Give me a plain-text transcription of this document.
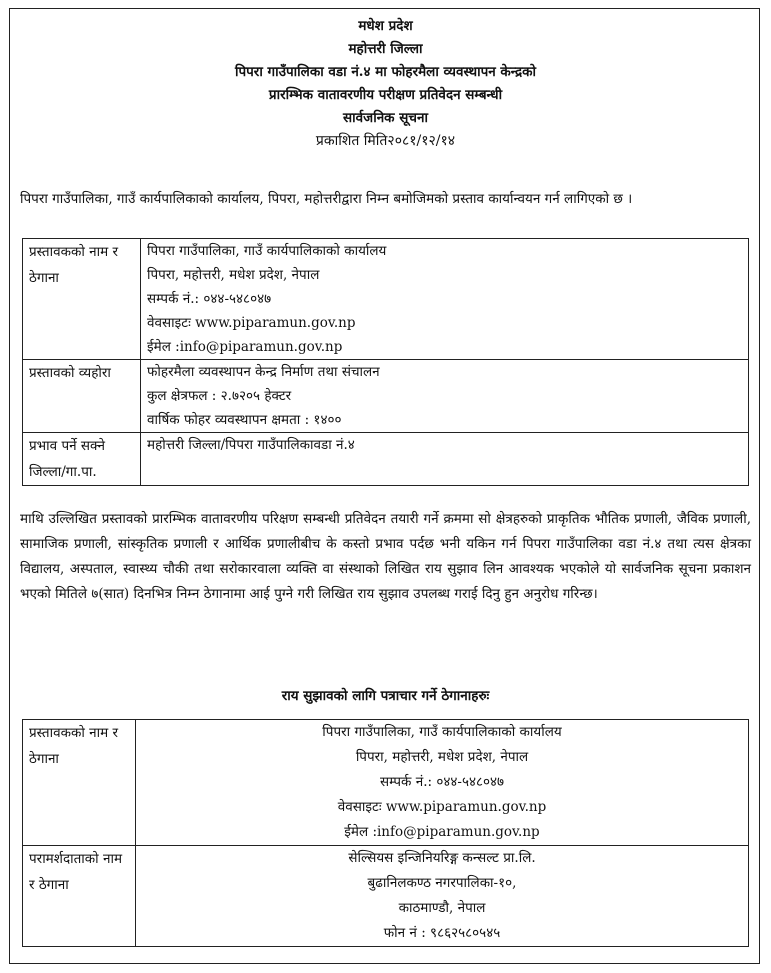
मधेश प्रदेश
महोत्तरी जिल्ला
पिपरा गाउँपालिका वडा नं.४ मा फोहरमैला व्यवस्थापन केन्द्रको
प्रारम्भिक वातावरणीय परीक्षण प्रतिवेदन सम्बन्धी
सार्वजनिक सूचना
प्रकाशित मिति२०८१/१२/१४
पिपरा गाउँपालिका, गाउँ कार्यपालिकाको कार्यालय, पिपरा, महोत्तरीद्वारा निम्न बमोजिमको प्रस्ताव कार्यान्वयन गर्न लागिएको छ ।
प्रस्तावकको नाम र ठेगाना	पिपरा गाउँपालिका, गाउँ कार्यपालिकाको कार्यालय
पिपरा, महोत्तरी, मधेश प्रदेश, नेपाल
सम्पर्क नं.: ०४४-५४८०४७
वेवसाइटः www.piparamun.gov.np
ईमेल :info@piparamun.gov.np

प्रस्तावको व्यहोरा	फोहरमैला व्यवस्थापन केन्द्र निर्माण तथा संचालन
कुल क्षेत्रफल : २.७२०५ हेक्टर
वार्षिक फोहर व्यवस्थापन क्षमता : १४००

प्रभाव पर्ने सक्ने जिल्ला/गा.पा.	महोत्तरी जिल्ला/पिपरा गाउँपालिकावडा नं.४
माथि उल्लिखित प्रस्तावको प्रारम्भिक वातावरणीय परिक्षण सम्बन्धी प्रतिवेदन तयारी गर्ने क्रममा सो क्षेत्रहरुको प्राकृतिक भौतिक प्रणाली, जैविक प्रणाली, सामाजिक प्रणाली, सांस्कृतिक प्रणाली र आर्थिक प्रणालीबीच के कस्तो प्रभाव पर्दछ भनी यकिन गर्न पिपरा गाउँपालिका वडा नं.४ तथा त्यस क्षेत्रका विद्यालय, अस्पताल, स्वास्थ्य चौकी तथा सरोकारवाला व्यक्ति वा संस्थाको लिखित राय सुझाव लिन आवश्यक भएकोले यो सार्वजनिक सूचना प्रकाशन भएको मितिले ७(सात) दिनभित्र निम्न ठेगानामा आई पुग्ने गरी लिखित राय सुझाव उपलब्ध गराई दिनु हुन अनुरोध गरिन्छ।
राय सुझावको लागि पत्राचार गर्ने ठेगानाहरुः
प्रस्तावकको नाम र ठेगाना	पिपरा गाउँपालिका, गाउँ कार्यपालिकाको कार्यालय
पिपरा, महोत्तरी, मधेश प्रदेश, नेपाल
सम्पर्क नं.: ०४४-५४८०४७
वेवसाइटः www.piparamun.gov.np
ईमेल :info@piparamun.gov.np

परामर्शदाताको नाम र ठेगाना	सेल्सियस इन्जिनियरिङ्ग कन्सल्ट प्रा.लि.
बुढानिलकण्ठ नगरपालिका-१०,
काठमाण्डौ, नेपाल
फोन नं : ९८६२५८०५४५
